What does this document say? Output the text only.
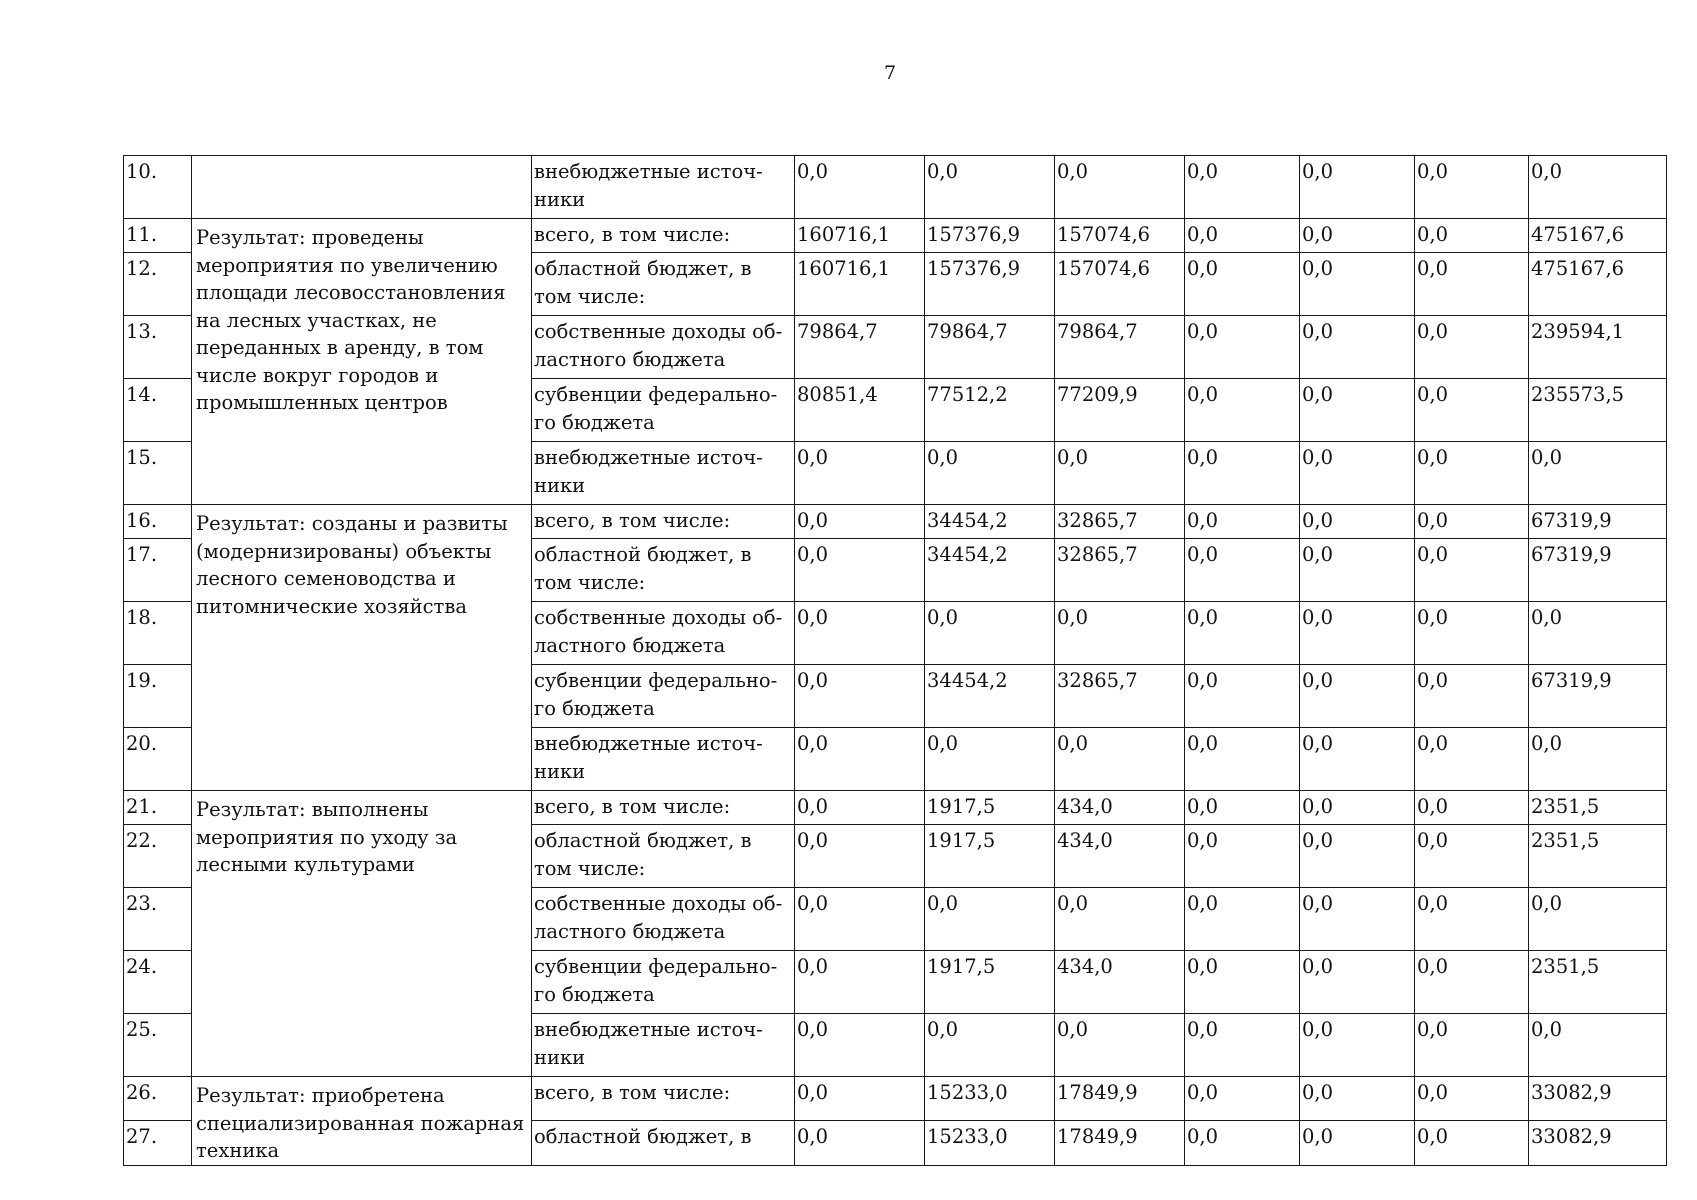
7
10.		внебюджетные источ-
ники	0,0	0,0	0,0	0,0	0,0	0,0	0,0
11.	Результат: проведены мероприятия по увеличению площади лесовосстановления на лесных участках, не переданных в аренду, в том числе вокруг городов и промышленных центров	всего, в том числе:	160716,1	157376,9	157074,6	0,0	0,0	0,0	475167,6
12.		областной бюджет, в
том числе:	160716,1	157376,9	157074,6	0,0	0,0	0,0	475167,6
13.		собственные доходы об-
ластного бюджета	79864,7	79864,7	79864,7	0,0	0,0	0,0	239594,1
14.		субвенции федерально-
го бюджета	80851,4	77512,2	77209,9	0,0	0,0	0,0	235573,5
15.		внебюджетные источ-
ники	0,0	0,0	0,0	0,0	0,0	0,0	0,0
16.	Результат: созданы и развиты (модернизированы) объекты лесного семеноводства и питомнические хозяйства	всего, в том числе:	0,0	34454,2	32865,7	0,0	0,0	0,0	67319,9
17.		областной бюджет, в
том числе:	0,0	34454,2	32865,7	0,0	0,0	0,0	67319,9
18.		собственные доходы об-
ластного бюджета	0,0	0,0	0,0	0,0	0,0	0,0	0,0
19.		субвенции федерально-
го бюджета	0,0	34454,2	32865,7	0,0	0,0	0,0	67319,9
20.		внебюджетные источ-
ники	0,0	0,0	0,0	0,0	0,0	0,0	0,0
21.	Результат: выполнены мероприятия по уходу за лесными культурами	всего, в том числе:	0,0	1917,5	434,0	0,0	0,0	0,0	2351,5
22.		областной бюджет, в
том числе:	0,0	1917,5	434,0	0,0	0,0	0,0	2351,5
23.		собственные доходы об-
ластного бюджета	0,0	0,0	0,0	0,0	0,0	0,0	0,0
24.		субвенции федерально-
го бюджета	0,0	1917,5	434,0	0,0	0,0	0,0	2351,5
25.		внебюджетные источ-
ники	0,0	0,0	0,0	0,0	0,0	0,0	0,0
26.	Результат: приобретена специализированная пожарная техника	всего, в том числе:	0,0	15233,0	17849,9	0,0	0,0	0,0	33082,9
27.		областной бюджет, в	0,0	15233,0	17849,9	0,0	0,0	0,0	33082,9
